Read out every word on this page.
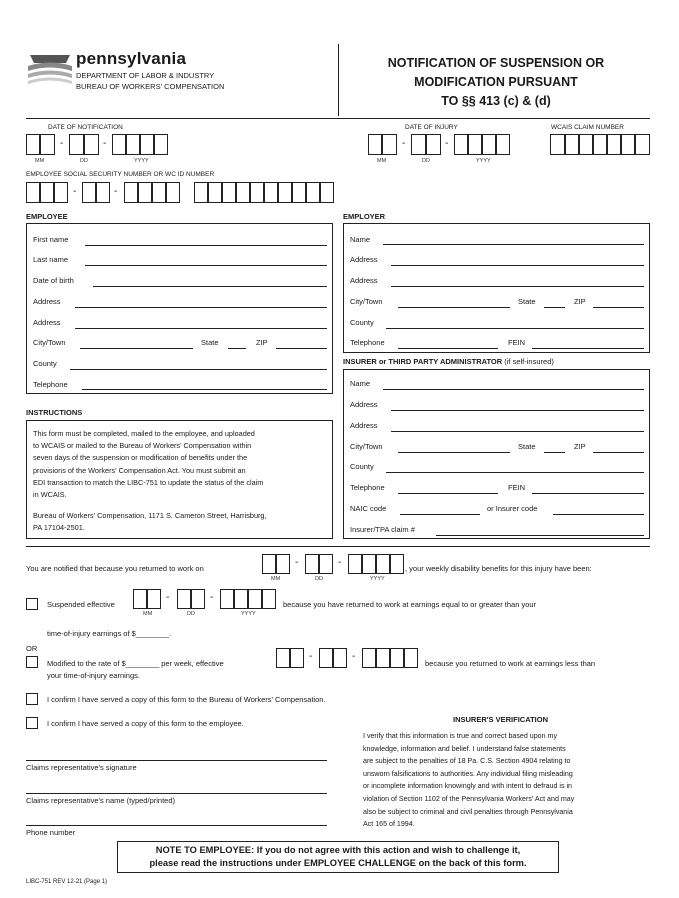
pennsylvania
DEPARTMENT OF LABOR & INDUSTRY
BUREAU OF WORKERS' COMPENSATION
NOTIFICATION OF SUSPENSION OR
MODIFICATION PURSUANT
TO §§ 413 (c) & (d)
DATE OF NOTIFICATION
-	-
MM	DD	YYYY
DATE OF INJURY
-	-
MM	DD	YYYY
WCAIS CLAIM NUMBER
EMPLOYEE SOCIAL SECURITY NUMBER OR WC ID NUMBER
-	-
EMPLOYEE
First name
Last name
Date of birth
Address
Address
City/Town	State	ZIP
County
Telephone
EMPLOYER
Name
Address
Address
City/Town	State	ZIP
County
Telephone	FEIN
INSURER or THIRD PARTY ADMINISTRATOR (if self-insured)
Name
Address
Address
City/Town	State	ZIP
County
Telephone	FEIN
NAIC code	or Insurer code
Insurer/TPA claim #
INSTRUCTIONS
This form must be completed, mailed to the employee, and uploaded
to WCAIS or mailed to the Bureau of Workers' Compensation within
seven days of the suspension or modification of benefits under the
provisions of the Workers' Compensation Act. You must submit an
EDI transaction to match the LIBC-751 to update the status of the claim
in WCAIS.
Bureau of Workers' Compensation, 1171 S. Cameron Street, Harrisburg,
PA 17104-2501.
You are notified that because you returned to work on
-	-
MM	DD	YYYY
, your weekly disability benefits for this injury have been:
Suspended effective
-	-
MM	DD	YYYY
because you have returned to work at earnings equal to or greater than your
time-of-injury earnings of $________.
OR
Modified to the rate of $________ per week, effective
-	-
because you returned to work at earnings less than
your time-of-injury earnings.
I confirm I have served a copy of this form to the Bureau of Workers' Compensation.
I confirm I have served a copy of this form to the employee.
Claims representative's signature
Claims representative's name (typed/printed)
Phone number
INSURER'S VERIFICATION
I verify that this information is true and correct based upon my
knowledge, information and belief. I understand false statements
are subject to the penalties of 18 Pa. C.S. Section 4904 relating to
unsworn falsifications to authorities. Any individual filing misleading
or incomplete information knowingly and with intent to defraud is in
violation of Section 1102 of the Pennsylvania Workers' Act and may
also be subject to criminal and civil penalties through Pennsylvania
Act 165 of 1994.
NOTE TO EMPLOYEE: If you do not agree with this action and wish to challenge it,
please read the instructions under EMPLOYEE CHALLENGE on the back of this form.
LIBC-751 REV 12-21 (Page 1)
